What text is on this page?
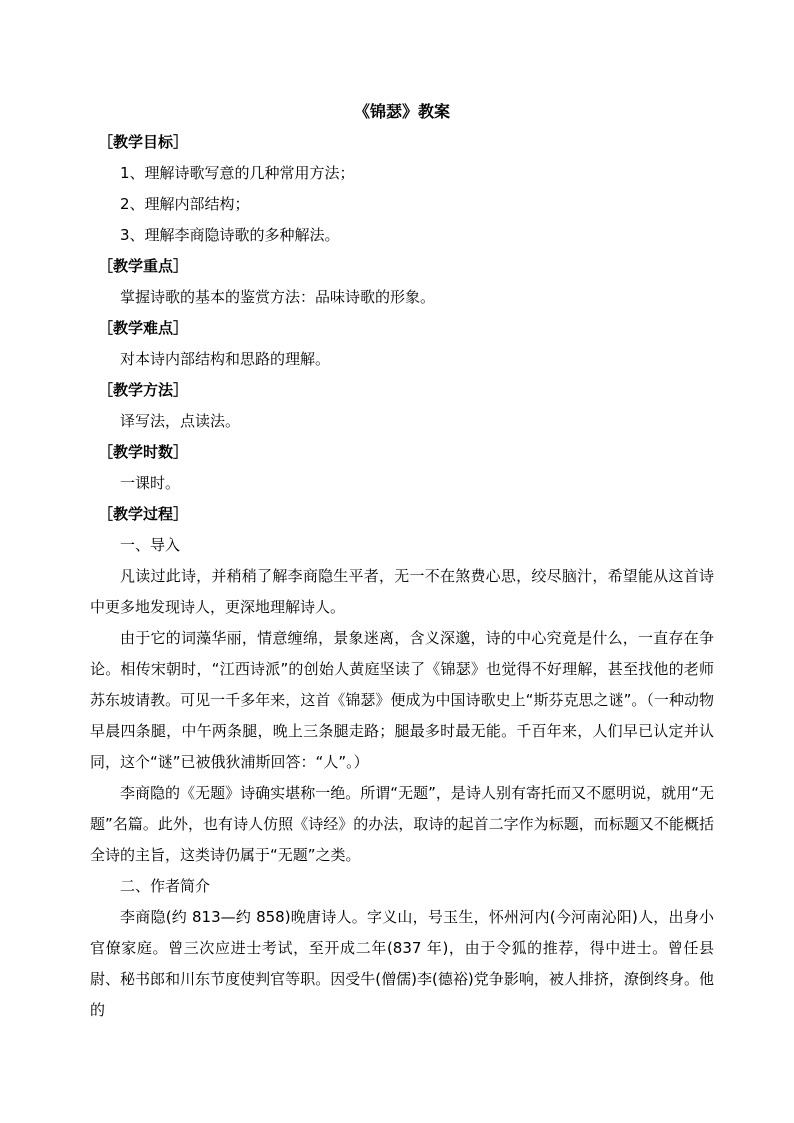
《锦瑟》教案

［教学目标］

1、理解诗歌写意的几种常用方法；

2、理解内部结构；

3、理解李商隐诗歌的多种解法。

［教学重点］

掌握诗歌的基本的鉴赏方法：品味诗歌的形象。

［教学难点］

对本诗内部结构和思路的理解。

［教学方法］

译写法，点读法。

［教学时数］

一课时。

［教学过程］

一、导入

凡读过此诗，并稍稍了解李商隐生平者，无一不在煞费心思，绞尽脑汁，希望能从这首诗中更多地发现诗人，更深地理解诗人。

由于它的词藻华丽，情意缠绵，景象迷离，含义深邈，诗的中心究竟是什么，一直存在争论。相传宋朝时，“江西诗派”的创始人黄庭坚读了《锦瑟》也觉得不好理解，甚至找他的老师苏东坡请教。可见一千多年来，这首《锦瑟》便成为中国诗歌史上“斯芬克思之谜”。（一种动物早晨四条腿，中午两条腿，晚上三条腿走路；腿最多时最无能。千百年来，人们早已认定并认同，这个“谜”已被俄狄浦斯回答：“人”。）

李商隐的《无题》诗确实堪称一绝。所谓“无题”，是诗人别有寄托而又不愿明说，就用“无题”名篇。此外，也有诗人仿照《诗经》的办法，取诗的起首二字作为标题，而标题又不能概括全诗的主旨，这类诗仍属于“无题”之类。

二、作者简介

李商隐(约 813—约 858)晚唐诗人。字义山，号玉生，怀州河内(今河南沁阳)人，出身小官僚家庭。曾三次应进士考试，至开成二年(837 年)，由于令狐的推荐，得中进士。曾任县尉、秘书郎和川东节度使判官等职。因受牛(僧儒)李(德裕)党争影响，被人排挤，潦倒终身。他的
